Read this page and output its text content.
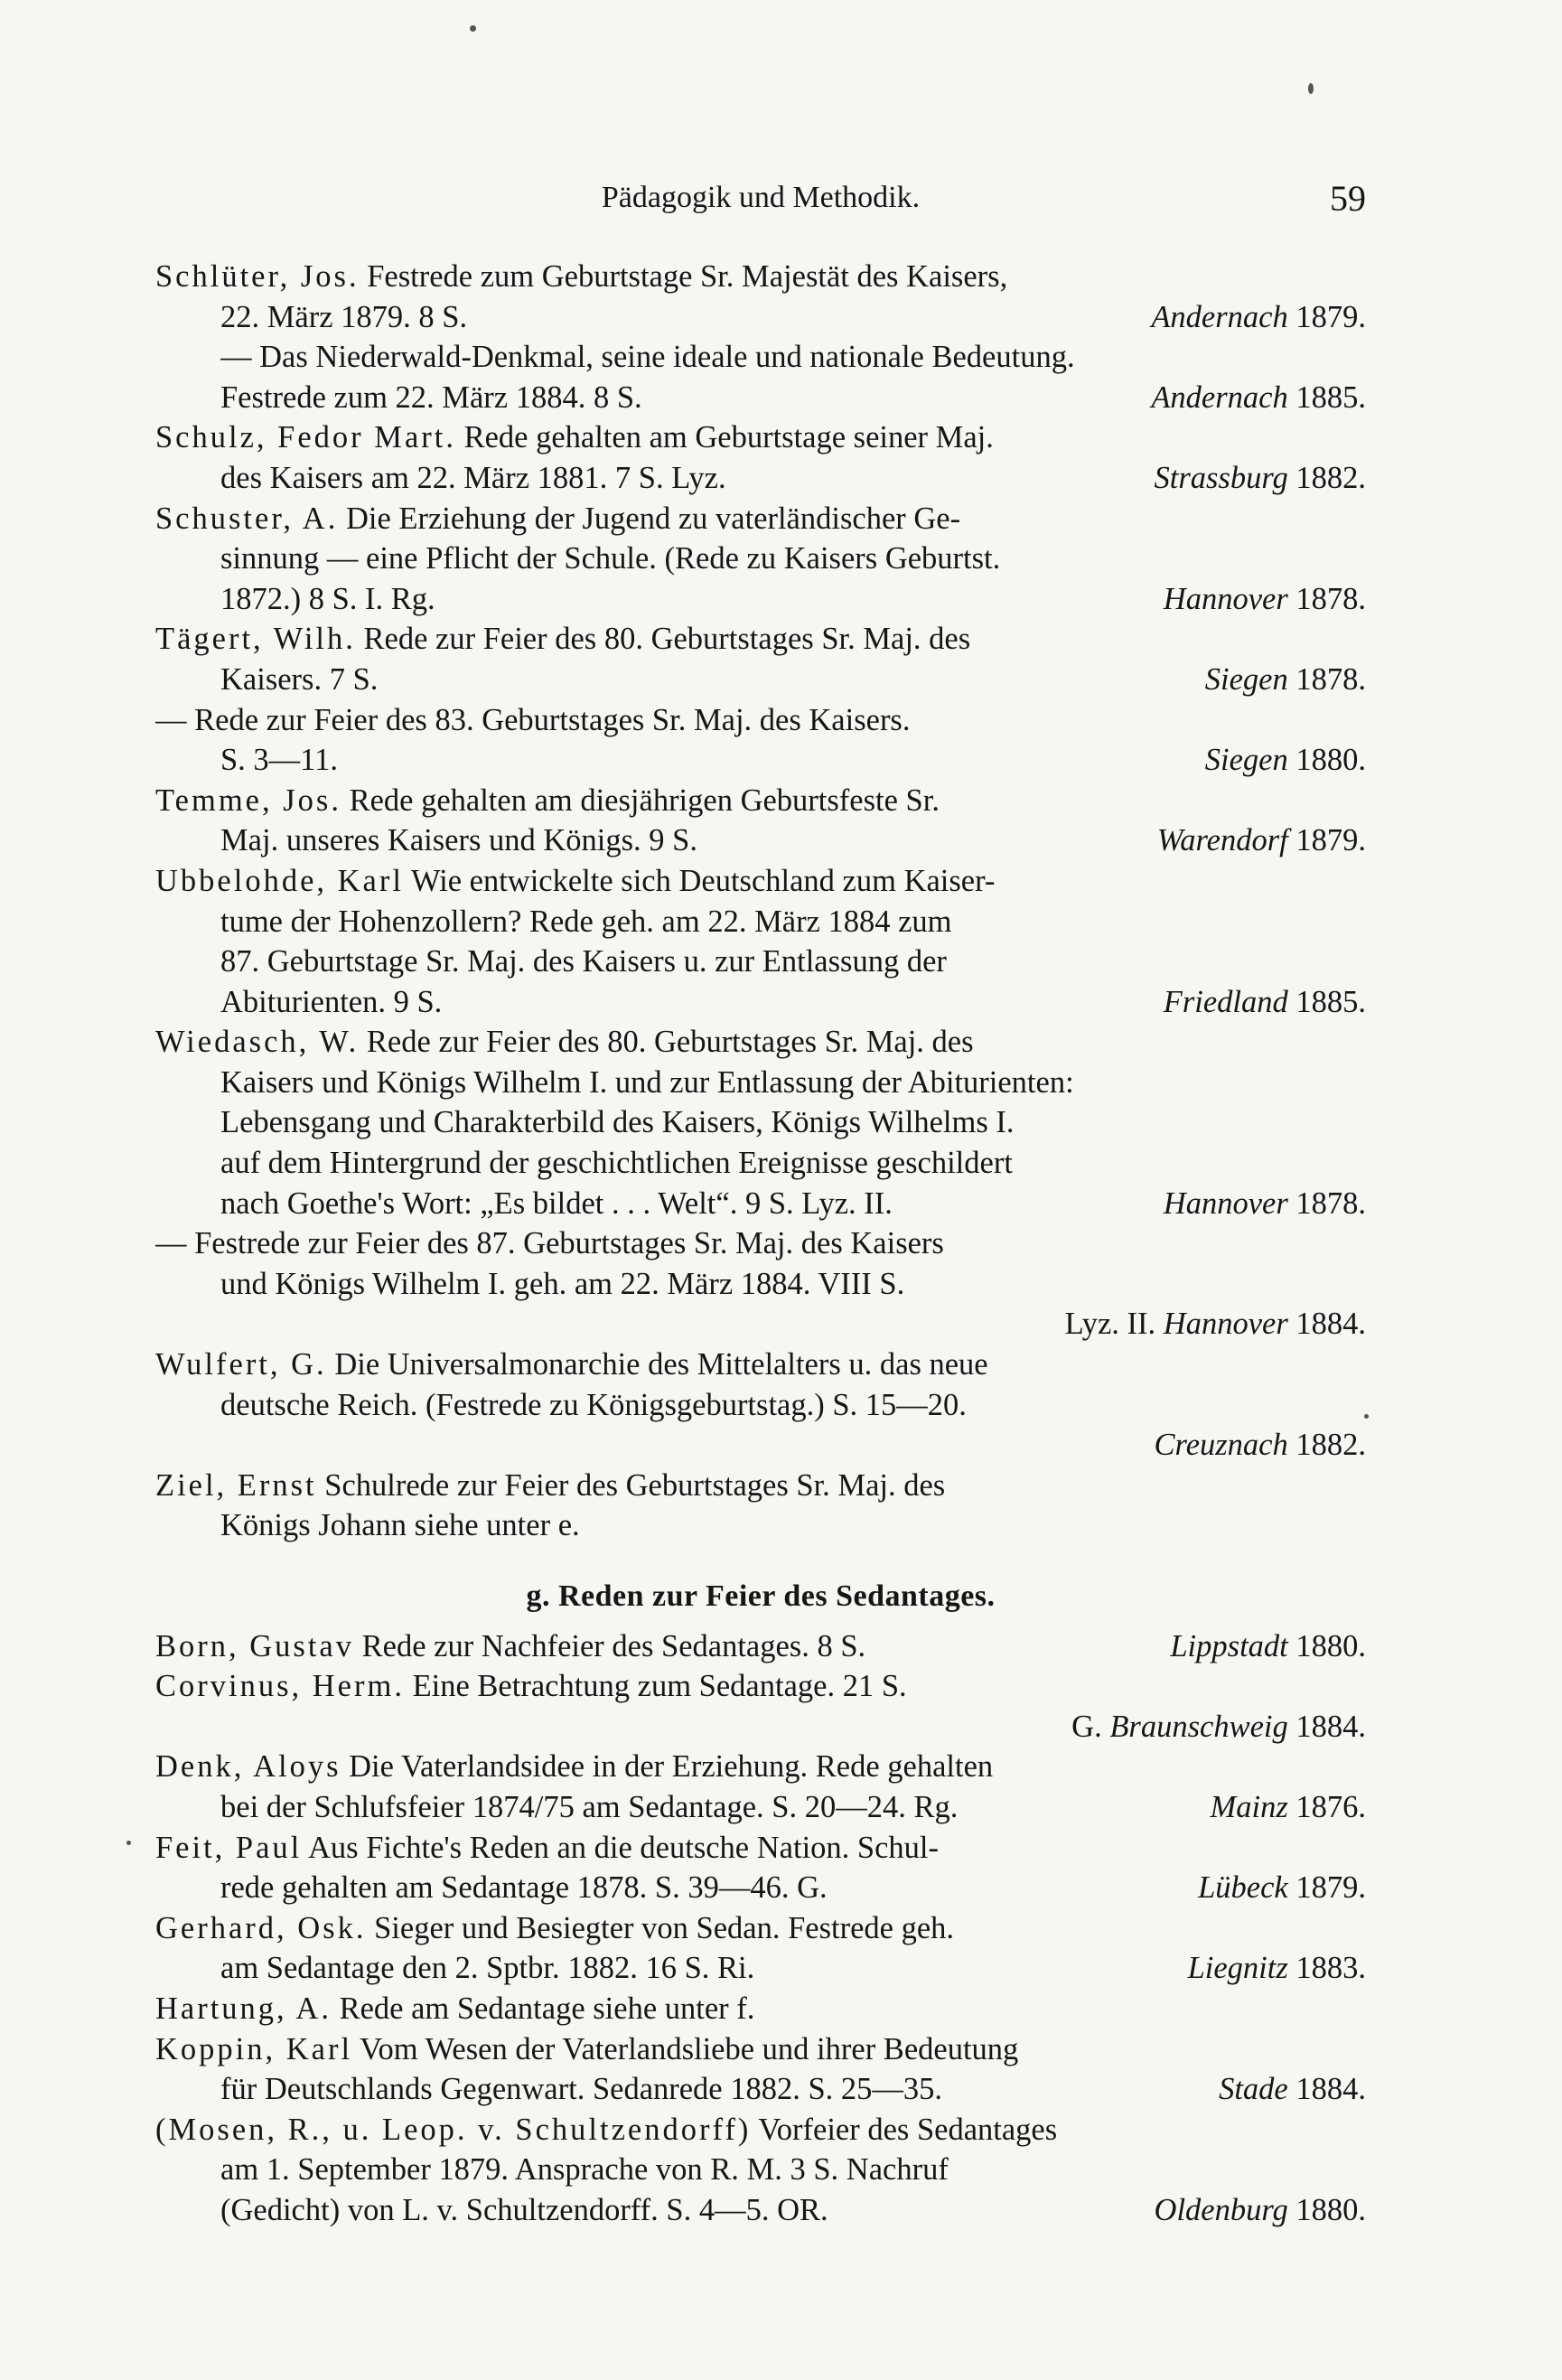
Pädagogik und Methodik.	59
Schlüter, Jos. Festrede zum Geburtstage Sr. Majestät des Kaisers,
22. März 1879. 8 S.	Andernach 1879.
— Das Niederwald-Denkmal, seine ideale und nationale Bedeutung.
Festrede zum 22. März 1884. 8 S.	Andernach 1885.
Schulz, Fedor Mart. Rede gehalten am Geburtstage seiner Maj.
des Kaisers am 22. März 1881. 7 S. Lyz.	Strassburg 1882.
Schuster, A. Die Erziehung der Jugend zu vaterländischer Ge-
sinnung — eine Pflicht der Schule. (Rede zu Kaisers Geburtst.
1872.) 8 S. I. Rg.	Hannover 1878.
Tägert, Wilh. Rede zur Feier des 80. Geburtstages Sr. Maj. des
Kaisers. 7 S.	Siegen 1878.
— Rede zur Feier des 83. Geburtstages Sr. Maj. des Kaisers.
S. 3—11.	Siegen 1880.
Temme, Jos. Rede gehalten am diesjährigen Geburtsfeste Sr.
Maj. unseres Kaisers und Königs. 9 S.	Warendorf 1879.
Ubbelohde, Karl Wie entwickelte sich Deutschland zum Kaiser-
tume der Hohenzollern? Rede geh. am 22. März 1884 zum
87. Geburtstage Sr. Maj. des Kaisers u. zur Entlassung der
Abiturienten. 9 S.	Friedland 1885.
Wiedasch, W. Rede zur Feier des 80. Geburtstages Sr. Maj. des
Kaisers und Königs Wilhelm I. und zur Entlassung der Abiturienten:
Lebensgang und Charakterbild des Kaisers, Königs Wilhelms I.
auf dem Hintergrund der geschichtlichen Ereignisse geschildert
nach Goethe's Wort: „Es bildet . . . Welt“. 9 S. Lyz. II.	Hannover 1878.
— Festrede zur Feier des 87. Geburtstages Sr. Maj. des Kaisers
und Königs Wilhelm I. geh. am 22. März 1884. VIII S.
Lyz. II. Hannover 1884.
Wulfert, G. Die Universalmonarchie des Mittelalters u. das neue
deutsche Reich. (Festrede zu Königsgeburtstag.) S. 15—20.
Creuznach 1882.
Ziel, Ernst Schulrede zur Feier des Geburtstages Sr. Maj. des
Königs Johann siehe unter e.
g. Reden zur Feier des Sedantages.
Born, Gustav Rede zur Nachfeier des Sedantages. 8 S.	Lippstadt 1880.
Corvinus, Herm. Eine Betrachtung zum Sedantage. 21 S.
G. Braunschweig 1884.
Denk, Aloys Die Vaterlandsidee in der Erziehung. Rede gehalten
bei der Schlufsfeier 1874/75 am Sedantage. S. 20—24. Rg.	Mainz 1876.
Feit, Paul Aus Fichte's Reden an die deutsche Nation. Schul-
rede gehalten am Sedantage 1878. S. 39—46. G.	Lübeck 1879.
Gerhard, Osk. Sieger und Besiegter von Sedan. Festrede geh.
am Sedantage den 2. Sptbr. 1882. 16 S. Ri.	Liegnitz 1883.
Hartung, A. Rede am Sedantage siehe unter f.
Koppin, Karl Vom Wesen der Vaterlandsliebe und ihrer Bedeutung
für Deutschlands Gegenwart. Sedanrede 1882. S. 25—35.	Stade 1884.
(Mosen, R., u. Leop. v. Schultzendorff) Vorfeier des Sedantages
am 1. September 1879. Ansprache von R. M. 3 S. Nachruf
(Gedicht) von L. v. Schultzendorff. S. 4—5. OR.	Oldenburg 1880.
